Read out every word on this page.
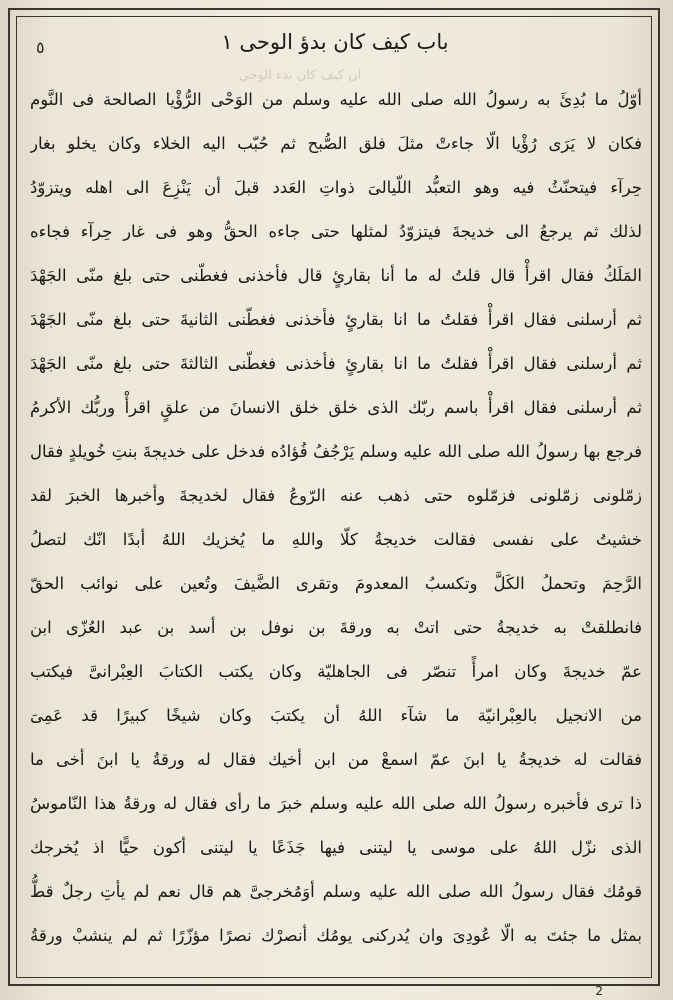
باب كيف كان بدؤ الوحى ١
٥
ان كيف كان بدء الوحي
أوّلُ ما بُدِئَ به رسولُ الله صلى الله عليه وسلم من الوَحْى الرُّؤْيا الصالحة فى النَّوم
فكان لا يَرَى رُؤْيا الّا جاءتْ مثلَ فلق الصُّبح ثم حُبّب اليه الخلاء وكان يخلو بغار
حِرآء فيتحنّثُ فيه وهو التعبُّد اللّيالىَ ذواتِ العَدد قبلَ أن يَنْزِعَ الى اهله ويتزوّدُ
لذلك ثم يرجعُ الى خديجةَ فيتزوّدُ لمثلها حتى جاءه الحقُّ وهو فى غار حِرآء فجاءه
المَلَكُ فقال اقرأْ قال قلتُ له ما أنا بقارئٍ قال فأخذنى فغطّنى حتى بلغ منّى الجَهْدَ
ثم أرسلنى فقال اقرأْ فقلتُ ما انا بقارئٍ فأخذنى فغطّنى الثانيةَ حتى بلغ منّى الجَهْدَ
ثم أرسلنى فقال اقرأْ فقلتُ ما انا بقارئٍ فأخذنى فغطّنى الثالثةَ حتى بلغ منّى الجَهْدَ
ثم أرسلنى فقال اقرأْ باسم ربّك الذى خلق خلق الانسانَ من علقٍ اقرأْ وربُّك الأكرمُ
فرجع بها رسولُ الله صلى الله عليه وسلم يَرْجُفُ فُؤادُه فدخل على خديجةَ بنتِ خُويلدٍ فقال
زمّلونى زمّلونى فزمّلوه حتى ذهب عنه الرّوعُ فقال لخديجةَ وأخبرها الخبرَ لقد
خشيتُ على نفسى فقالت خديجةُ كلّا واللهِ ما يُخزيك اللهُ أبدًا انّك لتصلُ
الرَّحِمَ وتحملُ الكَلَّ وتكسبُ المعدومَ وتقرى الضَّيفَ وتُعين على نوائب الحقّ
فانطلقتْ به خديجةُ حتى اتتْ به ورقةَ بن نوفل بن أسد بن عبد العُزّى ابن
عمّ خديجةَ وكان امرأً تنصّر فى الجاهليّة وكان يكتب الكتابَ العِبْرانىَّ فيكتب
من الانجيل بالعِبْرانيّة ما شآء اللهُ أن يكتبَ وكان شيخًا كبيرًا قد عَمِىَ
فقالت له خديجةُ يا ابنَ عمّ اسمعْ من ابن أخيك فقال له ورقةُ يا ابنَ أخى ما
ذا ترى فأخبره رسولُ الله صلى الله عليه وسلم خبرَ ما رأى فقال له ورقةُ هذا النّاموسُ
الذى نزّل اللهُ على موسى يا ليتنى فيها جَذَعًا يا ليتنى أكون حيًّا اذ يُخرجك
قومُك فقال رسولُ الله صلى الله عليه وسلم أوَمُخرجىَّ هم قال نعم لم يأتِ رجلٌ قطُّ
بمثل ما جئتَ به الّا عُودِىَ وان يُدركنى يومُك أنصرْك نصرًا مؤزّرًا ثم لم ينشبْ ورقةُ
2
